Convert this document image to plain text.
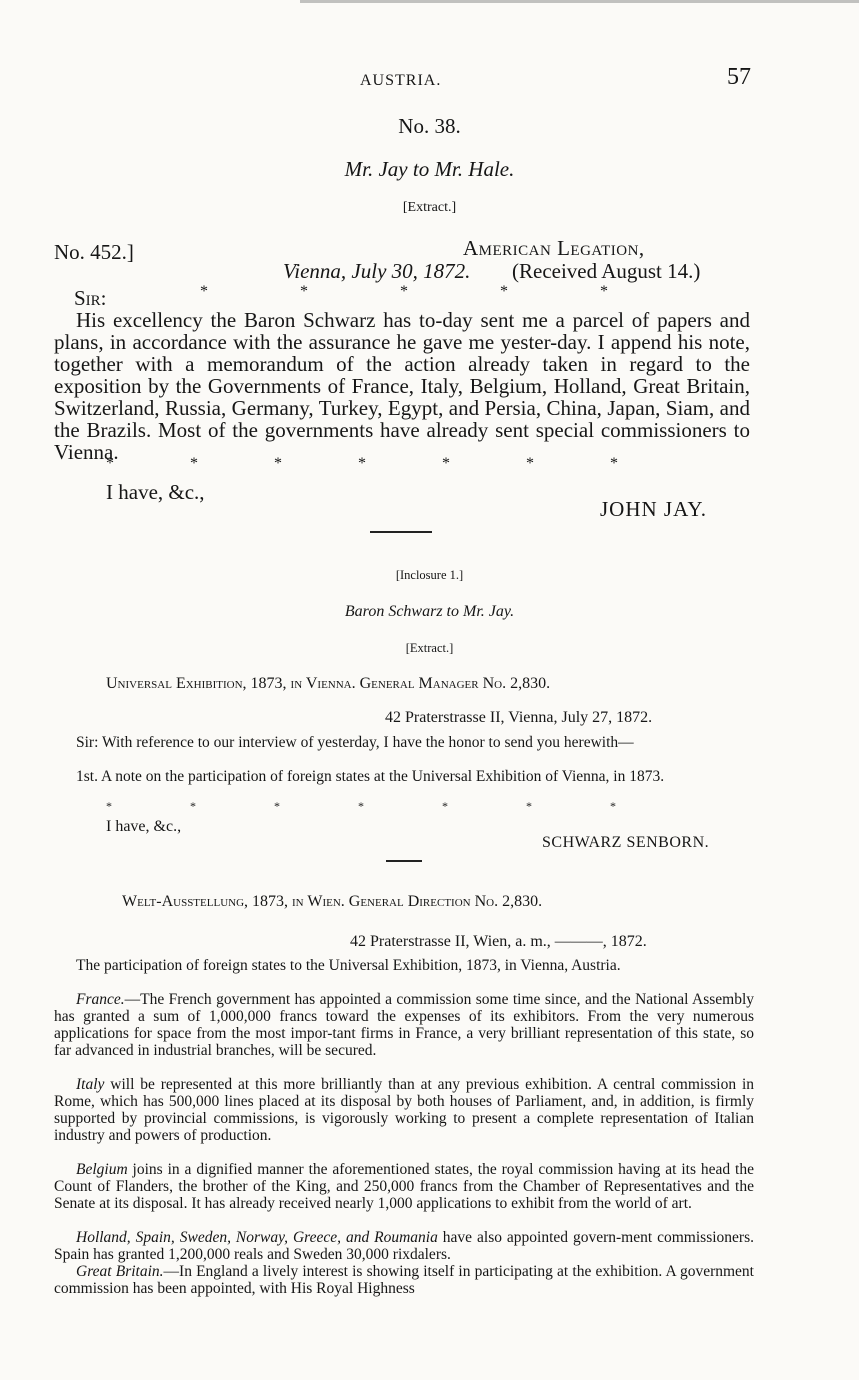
AUSTRIA.	57
No. 38.
Mr. Jay to Mr. Hale.
[Extract.]
No. 452.]	American Legation,
Vienna, July 30, 1872. (Received August 14.)
Sir:	*                       *                       *                       *                       *
His excellency the Baron Schwarz has to-day sent me a parcel of papers and plans, in accordance with the assurance he gave me yester-day. I append his note, together with a memorandum of the action already taken in regard to the exposition by the Governments of France, Italy, Belgium, Holland, Great Britain, Switzerland, Russia, Germany, Turkey, Egypt, and Persia, China, Japan, Siam, and the Brazils. Most of the governments have already sent special commissioners to Vienna.
*                   *                   *                   *                   *                   *                   *
I have, &c.,
JOHN JAY.
[Inclosure 1.]
Baron Schwarz to Mr. Jay.
[Extract.]
Universal Exhibition, 1873, in Vienna. General Manager No. 2,830.
42 Praterstrasse II, Vienna, July 27, 1872.
Sir: With reference to our interview of yesterday, I have the honor to send you herewith—
1st. A note on the participation of foreign states at the Universal Exhibition of Vienna, in 1873.
*                          *                          *                          *                          *                          *                          *
I have, &c.,
SCHWARZ SENBORN.
Welt-Ausstellung, 1873, in Wien. General Direction No. 2,830.
42 Praterstrasse II, Wien, a. m., ———, 1872.
The participation of foreign states to the Universal Exhibition, 1873, in Vienna, Austria.
France.—The French government has appointed a commission some time since, and the National Assembly has granted a sum of 1,000,000 francs toward the expenses of its exhibitors. From the very numerous applications for space from the most impor-tant firms in France, a very brilliant representation of this state, so far advanced in industrial branches, will be secured.
Italy will be represented at this more brilliantly than at any previous exhibition. A central commission in Rome, which has 500,000 lines placed at its disposal by both houses of Parliament, and, in addition, is firmly supported by provincial commissions, is vigorously working to present a complete representation of Italian industry and powers of production.
Belgium joins in a dignified manner the aforementioned states, the royal commission having at its head the Count of Flanders, the brother of the King, and 250,000 francs from the Chamber of Representatives and the Senate at its disposal. It has already received nearly 1,000 applications to exhibit from the world of art.
Holland, Spain, Sweden, Norway, Greece, and Roumania have also appointed govern-ment commissioners. Spain has granted 1,200,000 reals and Sweden 30,000 rixdalers.
Great Britain.—In England a lively interest is showing itself in participating at the exhibition. A government commission has been appointed, with His Royal Highness
